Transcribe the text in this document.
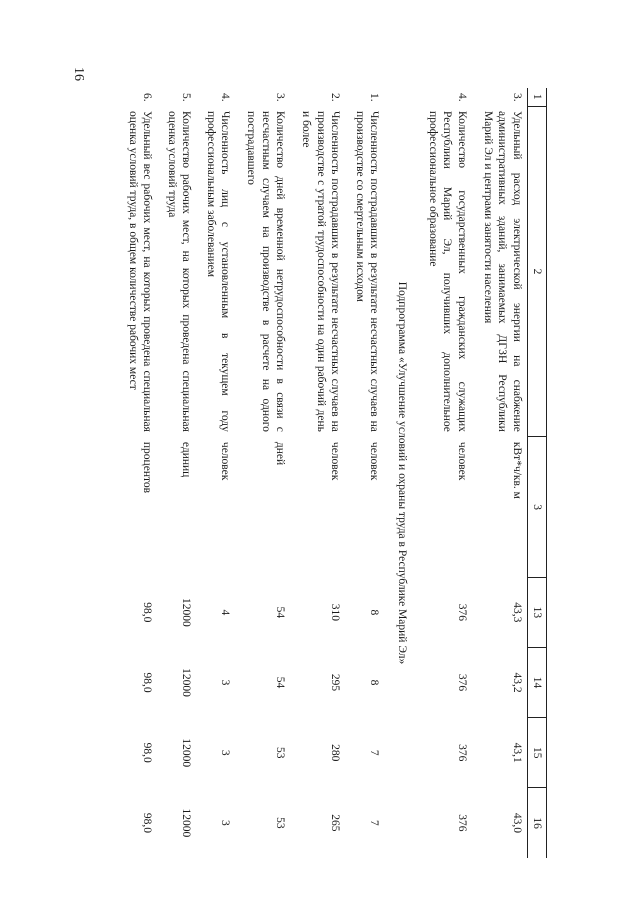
16
1	2	3	13	14	15	16
3.	Удельный расход электрической энергии на снабжение административных зданий, занимаемых ДГЗН Республики Марий Эл и центрами занятости населения	кВт*ч/кв. м	43,3	43,2	43,1	43,0
4.	Количество государственных гражданских служащих Республики Марий Эл, получивших дополнительное профессиональное образование	человек	376	376	376	376
Подпрограмма «Улучшение условий и охраны труда в Республике Марий Эл»						
1.	Численность пострадавших в результате несчастных случаев на производстве со смертельным исходом	человек	8	8	7	7
2.	Численность пострадавших в результате несчастных случаев на производстве с утратой трудоспособности на один рабочий день и более	человек	310	295	280	265
3.	Количество дней временной нетрудоспособности в связи с несчастным случаем на производстве в расчете на одного пострадавшего	дней	54	54	53	53
4.	Численность лиц с установленным в текущем году профессиональным заболеванием	человек	4	3	3	3
5.	Количество рабочих мест, на которых проведена специальная оценка условий труда	единиц	12000	12000	12000	12000
6.	Удельный вес рабочих мест, на которых проведена специальная оценка условий труда, в общем количестве рабочих мест	процентов	98,0	98,0	98,0	98,0
